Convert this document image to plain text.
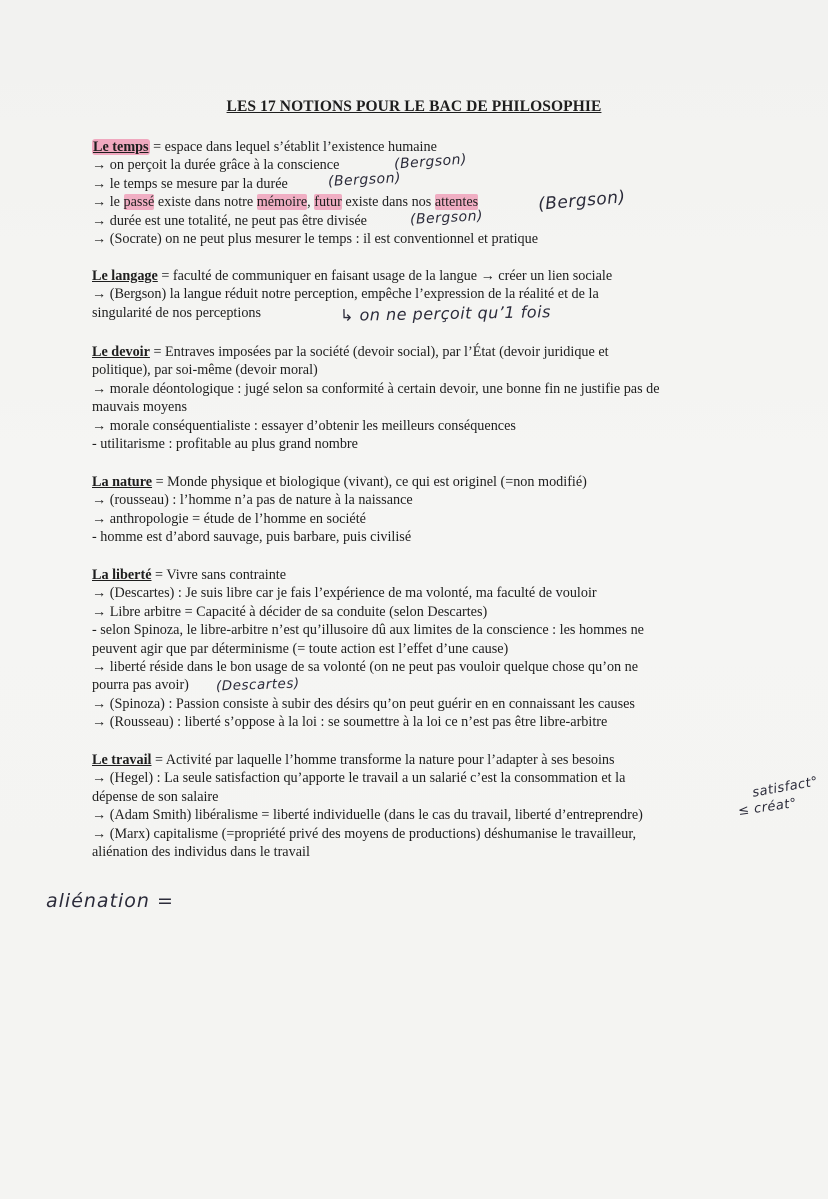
LES 17 NOTIONS POUR LE BAC DE PHILOSOPHIE
Le temps = espace dans lequel s’établit l’existence humaine
→ on perçoit la durée grâce à la conscience
→ le temps se mesure par la durée
→ le passé existe dans notre mémoire, futur existe dans nos attentes
→ durée est une totalité, ne peut pas être divisée
→ (Socrate) on ne peut plus mesurer le temps : il est conventionnel et pratique
(Bergson)
(Bergson)
(Bergson)
(Bergson)
Le langage = faculté de communiquer en faisant usage de la langue → créer un lien sociale
→ (Bergson) la langue réduit notre perception, empêche l’expression de la réalité et de la
singularité de nos perceptions	↳ on ne perçoit qu’1 fois
Le devoir = Entraves imposées par la société (devoir social), par l’État (devoir juridique et
politique), par soi-même (devoir moral)
→ morale déontologique : jugé selon sa conformité à certain devoir, une bonne fin ne justifie pas de
mauvais moyens
→ morale conséquentialiste : essayer d’obtenir les meilleurs conséquences
- utilitarisme : profitable au plus grand nombre
La nature = Monde physique et biologique (vivant), ce qui est originel (=non modifié)
→ (rousseau) : l’homme n’a pas de nature à la naissance
→ anthropologie = étude de l’homme en société
- homme est d’abord sauvage, puis barbare, puis civilisé
La liberté = Vivre sans contrainte
→ (Descartes) : Je suis libre car je fais l’expérience de ma volonté, ma faculté de vouloir
→ Libre arbitre = Capacité à décider de sa conduite (selon Descartes)
- selon Spinoza, le libre-arbitre n’est qu’illusoire dû aux limites de la conscience : les hommes ne
peuvent agir que par déterminisme (= toute action est l’effet d’une cause)
→ liberté réside dans le bon usage de sa volonté (on ne peut pas vouloir quelque chose qu’on ne
pourra pas avoir)
→ (Spinoza) : Passion consiste à subir des désirs qu’on peut guérir en en connaissant les causes
→ (Rousseau) : liberté s’oppose à la loi : se soumettre à la loi ce n’est pas être libre-arbitre
(Descartes)
Le travail = Activité par laquelle l’homme transforme la nature pour l’adapter à ses besoins
→ (Hegel) : La seule satisfaction qu’apporte le travail a un salarié c’est la consommation et la
dépense de son salaire
→ (Adam Smith) libéralisme = liberté individuelle (dans le cas du travail, liberté d’entreprendre)
→ (Marx) capitalisme (=propriété privé des moyens de productions) déshumanise le travailleur,
aliénation des individus dans le travail
satisfact°
≤ créat°
aliénation =
